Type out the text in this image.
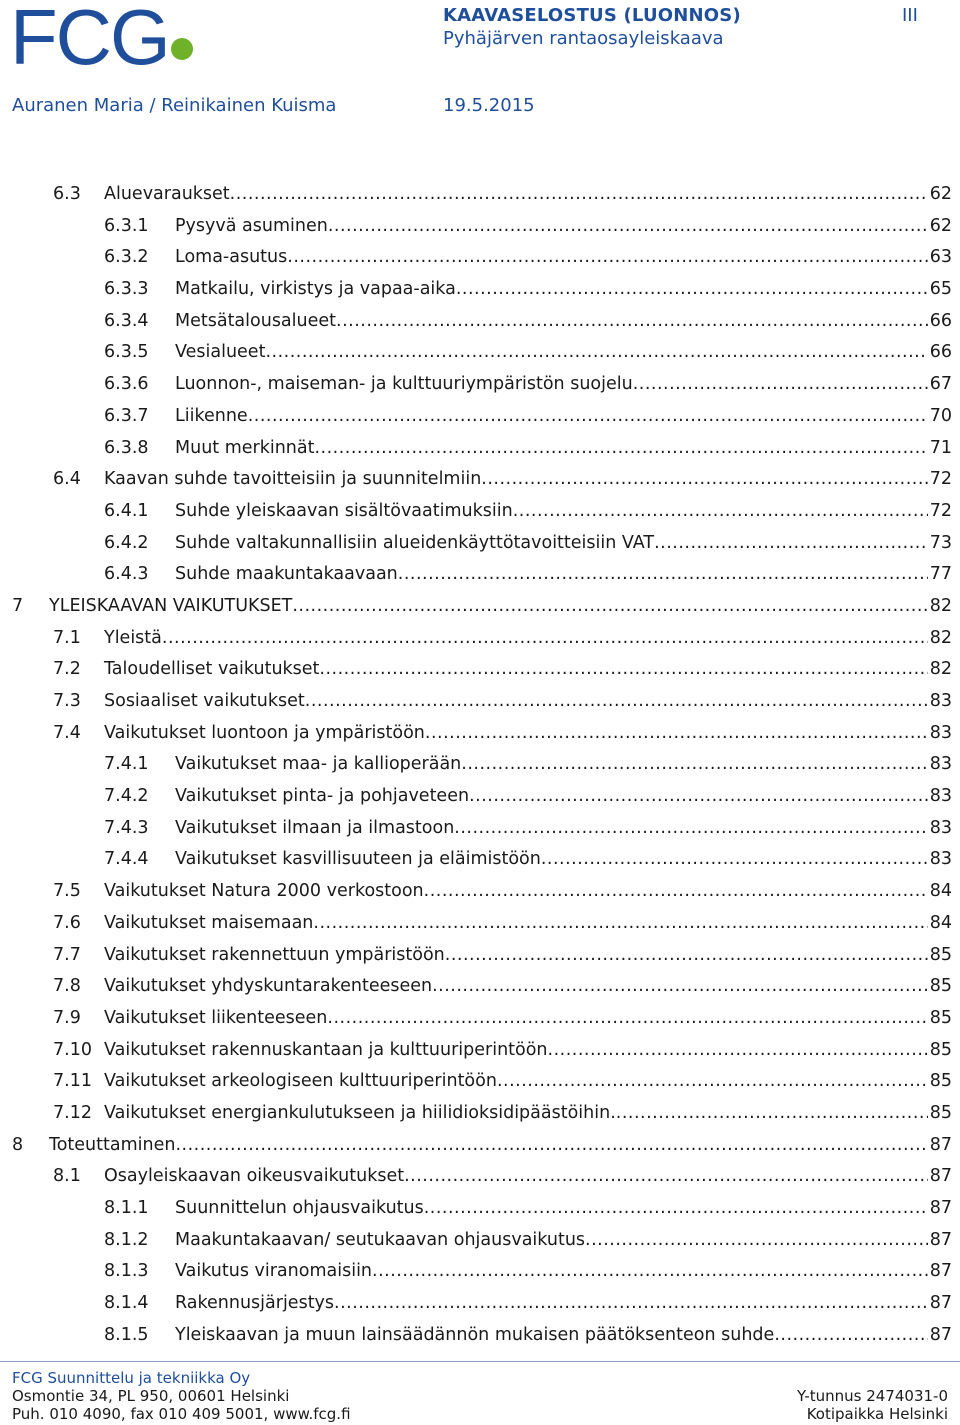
FCG	KAAVASELOSTUS (LUONNOS)
Pyhäjärven rantaosayleiskaava
III
Auranen Maria / Reinikainen Kuisma	19.5.2015
6.3 Aluevaraukset .....	62
6.3.1 Pysyvä asuminen .....	62
6.3.2 Loma-asutus .....	63
6.3.3 Matkailu, virkistys ja vapaa-aika .....	65
6.3.4 Metsätalousalueet .....	66
6.3.5 Vesialueet .....	66
6.3.6 Luonnon-, maiseman- ja kulttuuriympäristön suojelu .....	67
6.3.7 Liikenne .....	70
6.3.8 Muut merkinnät .....	71
6.4 Kaavan suhde tavoitteisiin ja suunnitelmiin .....	72
6.4.1 Suhde yleiskaavan sisältövaatimuksiin .....	72
6.4.2 Suhde valtakunnallisiin alueidenkäyttötavoitteisiin VAT .....	73
6.4.3 Suhde maakuntakaavaan .....	77
7 YLEISKAAVAN VAIKUTUKSET .....	82
7.1 Yleistä .....	82
7.2 Taloudelliset vaikutukset .....	82
7.3 Sosiaaliset vaikutukset .....	83
7.4 Vaikutukset luontoon ja ympäristöön .....	83
7.4.1 Vaikutukset maa- ja kallioperään .....	83
7.4.2 Vaikutukset pinta- ja pohjaveteen .....	83
7.4.3 Vaikutukset ilmaan ja ilmastoon .....	83
7.4.4 Vaikutukset kasvillisuuteen ja eläimistöön .....	83
7.5 Vaikutukset Natura 2000 verkostoon .....	84
7.6 Vaikutukset maisemaan .....	84
7.7 Vaikutukset rakennettuun ympäristöön .....	85
7.8 Vaikutukset yhdyskuntarakenteeseen .....	85
7.9 Vaikutukset liikenteeseen .....	85
7.10 Vaikutukset rakennuskantaan ja kulttuuriperintöön .....	85
7.11 Vaikutukset arkeologiseen kulttuuriperintöön .....	85
7.12 Vaikutukset energiankulutukseen ja hiilidioksidipäästöihin. .....	85
8 Toteuttaminen .....	87
8.1 Osayleiskaavan oikeusvaikutukset .....	87
8.1.1 Suunnittelun ohjausvaikutus .....	87
8.1.2 Maakuntakaavan/ seutukaavan ohjausvaikutus .....	87
8.1.3 Vaikutus viranomaisiin .....	87
8.1.4 Rakennusjärjestys .....	87
8.1.5 Yleiskaavan ja muun lainsäädännön mukaisen päätöksenteon suhde .....	87
FCG Suunnittelu ja tekniikka Oy
Osmontie 34, PL 950, 00601 Helsinki
Puh. 010 4090, fax 010 409 5001, www.fcg.fi
Y-tunnus 2474031-0
Kotipaikka Helsinki
